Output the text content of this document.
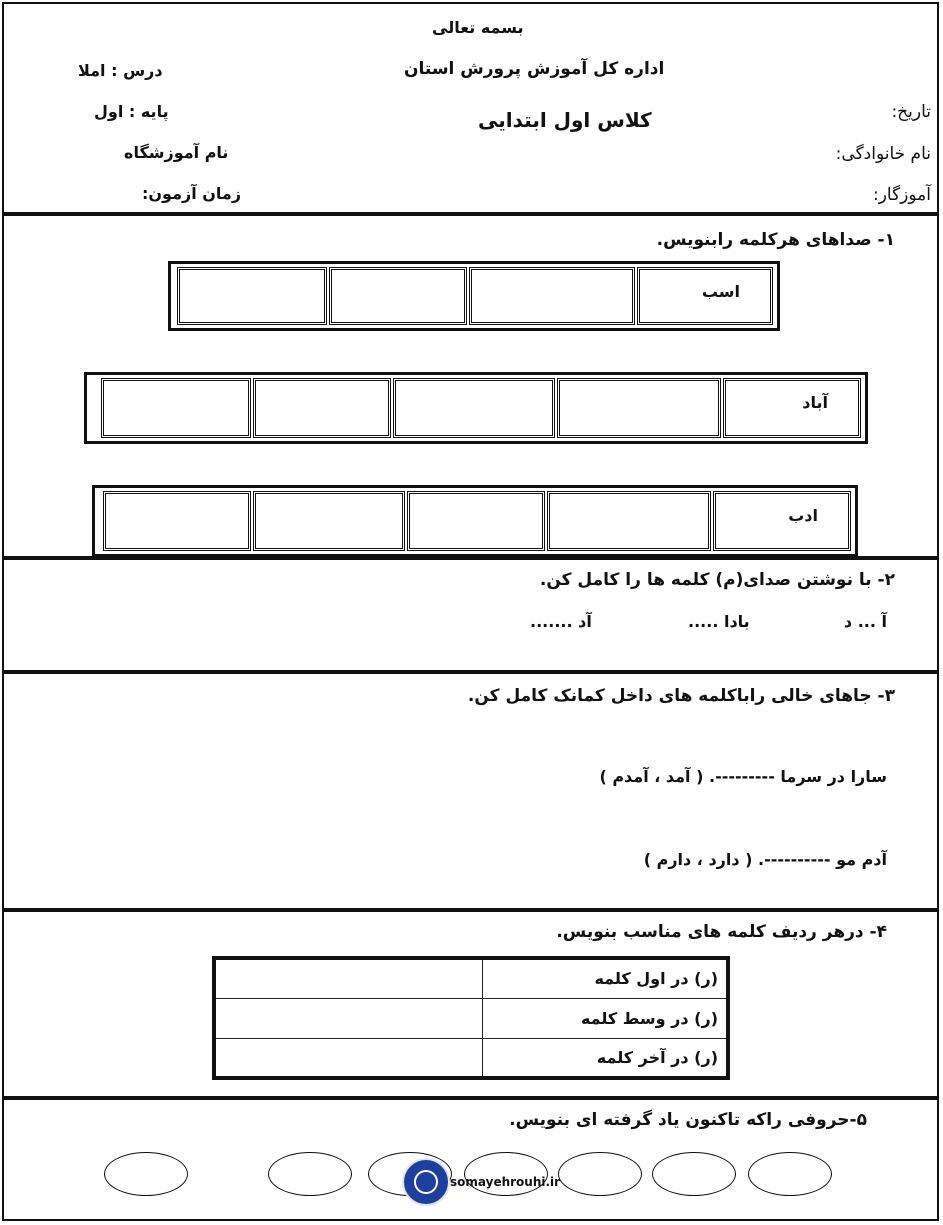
بسمه تعالی
اداره کل آموزش پرورش استان
درس : املا
پایه : اول	کلاس اول ابتدایی	تاریخ:
نام آموزشگاه	نام خانوادگی:
زمان آزمون:	آموزگار:
۱- صداهای هرکلمه رابنویس.
اسب
آباد
ادب
۲- با نوشتن صدای(م) کلمه ها را کامل کن.
آ ... د
بادا .....
آد .......
۳- جاهای خالی راباکلمه های داخل کمانک کامل کن.
سارا در سرما ---------. ( آمد ، آمدم )
آدم مو ----------. ( دارد ، دارم )
۴- درهر ردیف کلمه های مناسب بنویس.
	(ر) در اول کلمه
	(ر) در وسط کلمه
	(ر) در آخر کلمه
۵-حروفی راکه تاکنون یاد گرفته ای بنویس.
somayehrouhi.ir
